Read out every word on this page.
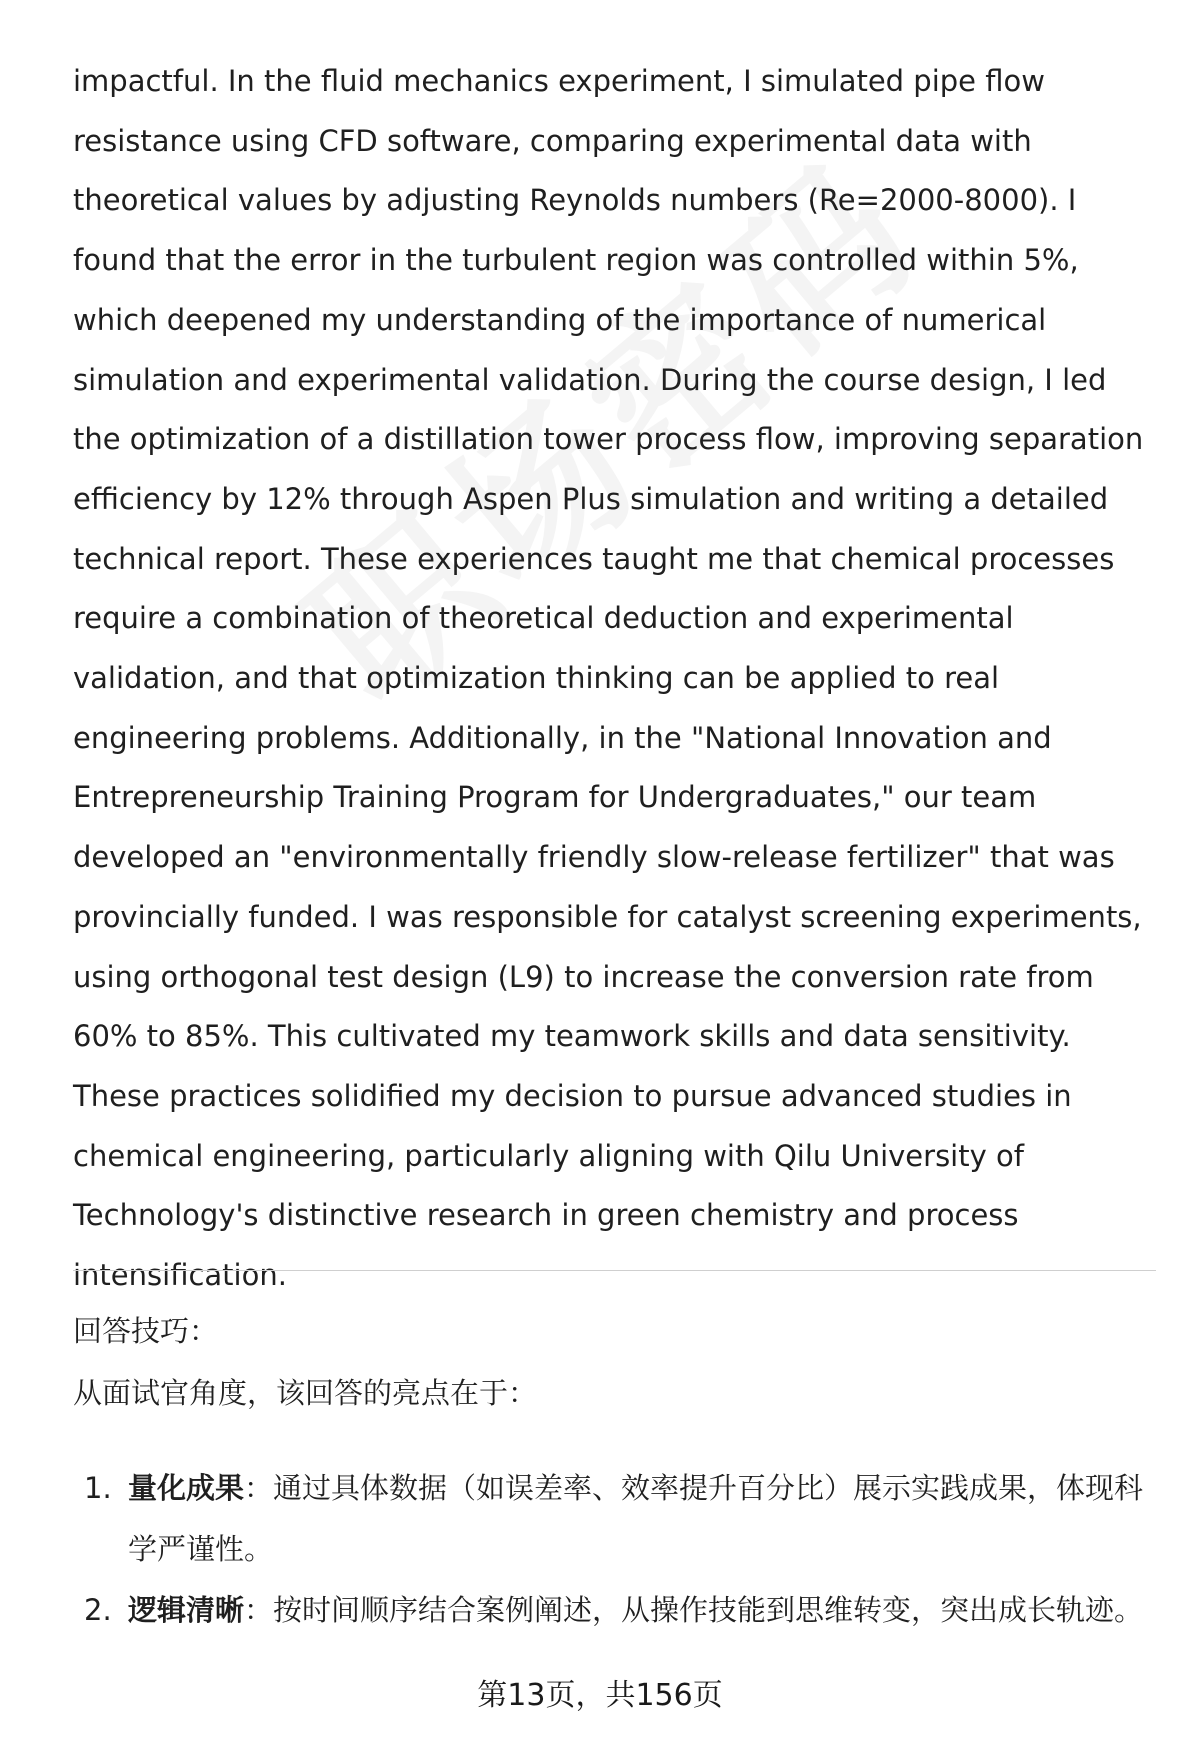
impactful. In the fluid mechanics experiment, I simulated pipe flow resistance using CFD software, comparing experimental data with theoretical values by adjusting Reynolds numbers (Re=2000-8000). I found that the error in the turbulent region was controlled within 5%, which deepened my understanding of the importance of numerical simulation and experimental validation. During the course design, I led the optimization of a distillation tower process flow, improving separation efficiency by 12% through Aspen Plus simulation and writing a detailed technical report. These experiences taught me that chemical processes require a combination of theoretical deduction and experimental validation, and that optimization thinking can be applied to real engineering problems. Additionally, in the "National Innovation and Entrepreneurship Training Program for Undergraduates," our team developed an "environmentally friendly slow-release fertilizer" that was provincially funded. I was responsible for catalyst screening experiments, using orthogonal test design (L9) to increase the conversion rate from 60% to 85%. This cultivated my teamwork skills and data sensitivity. These practices solidified my decision to pursue advanced studies in chemical engineering, particularly aligning with Qilu University of Technology's distinctive research in green chemistry and process intensification.

回答技巧：

从面试官角度，该回答的亮点在于：

1. 量化成果：通过具体数据（如误差率、效率提升百分比）展示实践成果，体现科学严谨性。
2. 逻辑清晰：按时间顺序结合案例阐述，从操作技能到思维转变，突出成长轨迹。
第13页，共156页
